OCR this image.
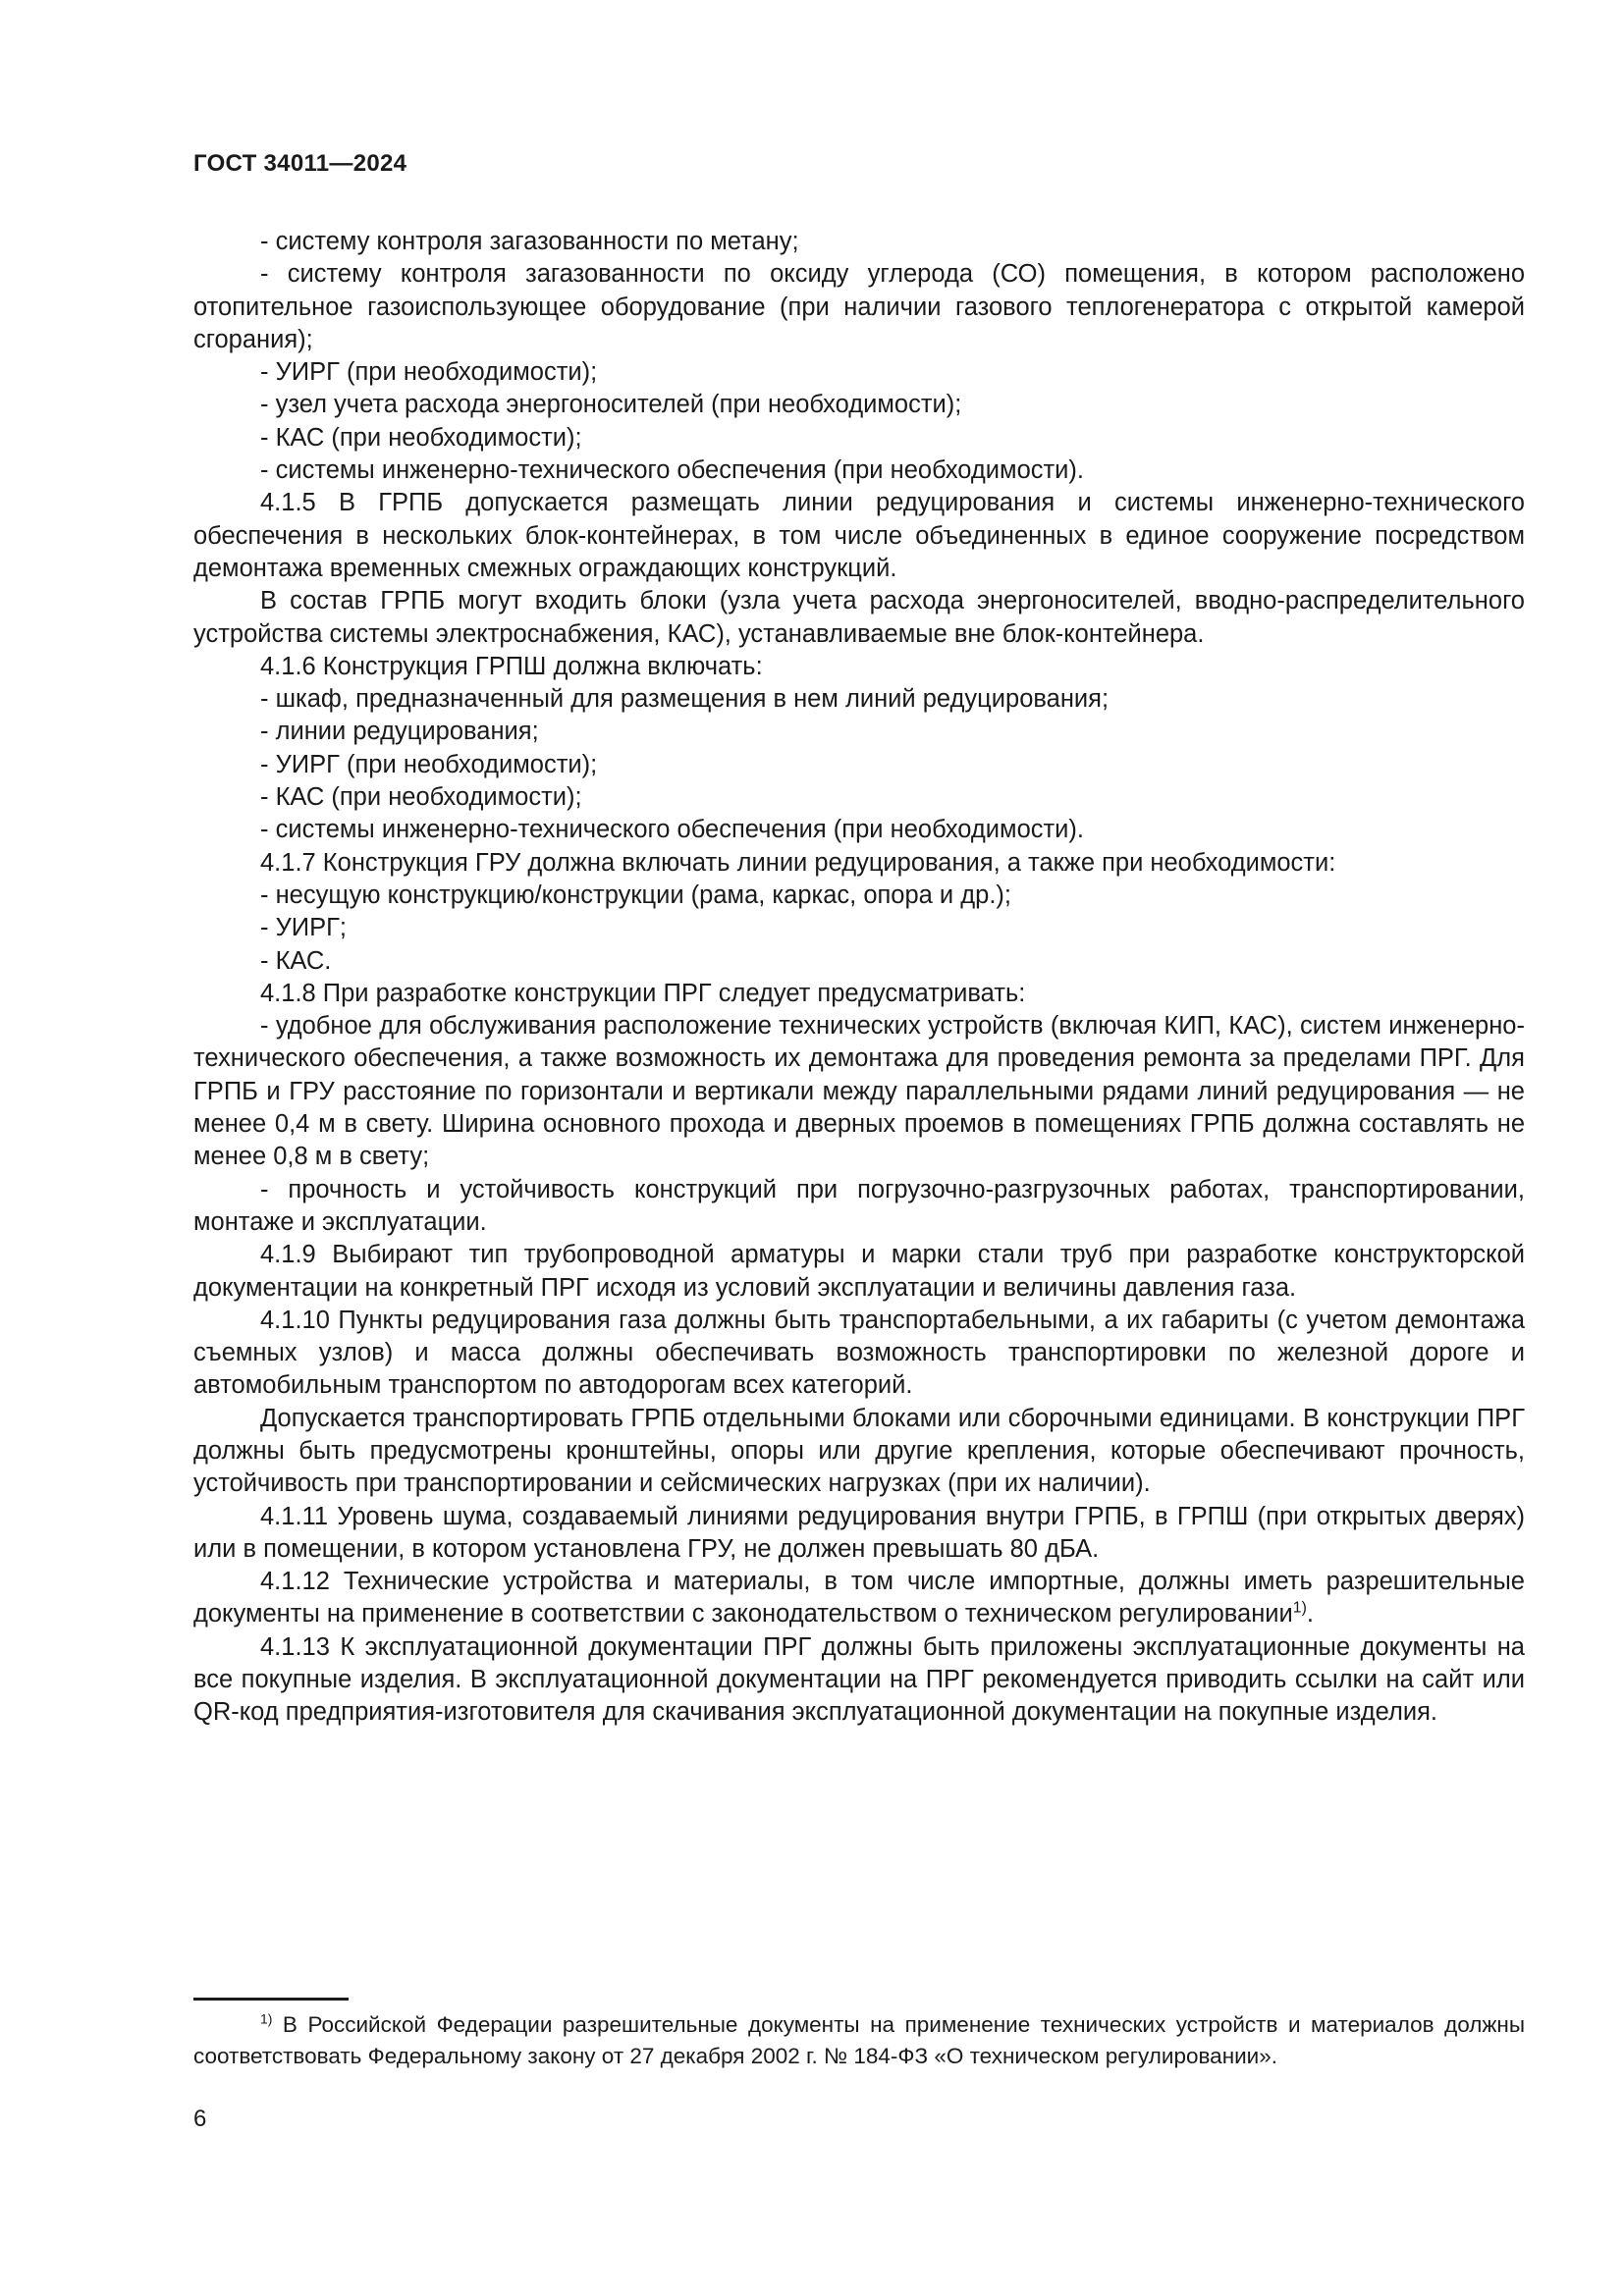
ГОСТ 34011—2024

- систему контроля загазованности по метану;

- систему контроля загазованности по оксиду углерода (СО) помещения, в котором расположено отопительное газоиспользующее оборудование (при наличии газового теплогенератора с открытой камерой сгорания);

- УИРГ (при необходимости);

- узел учета расхода энергоносителей (при необходимости);

- КАС (при необходимости);

- системы инженерно-технического обеспечения (при необходимости).

4.1.5 В ГРПБ допускается размещать линии редуцирования и системы инженерно-технического обеспечения в нескольких блок-контейнерах, в том числе объединенных в единое сооружение посредством демонтажа временных смежных ограждающих конструкций.

В состав ГРПБ могут входить блоки (узла учета расхода энергоносителей, вводно-распределительного устройства системы электроснабжения, КАС), устанавливаемые вне блок-контейнера.

4.1.6 Конструкция ГРПШ должна включать:

- шкаф, предназначенный для размещения в нем линий редуцирования;

- линии редуцирования;

- УИРГ (при необходимости);

- КАС (при необходимости);

- системы инженерно-технического обеспечения (при необходимости).

4.1.7 Конструкция ГРУ должна включать линии редуцирования, а также при необходимости:

- несущую конструкцию/конструкции (рама, каркас, опора и др.);

- УИРГ;

- КАС.

4.1.8 При разработке конструкции ПРГ следует предусматривать:

- удобное для обслуживания расположение технических устройств (включая КИП, КАС), систем инженерно-технического обеспечения, а также возможность их демонтажа для проведения ремонта за пределами ПРГ. Для ГРПБ и ГРУ расстояние по горизонтали и вертикали между параллельными рядами линий редуцирования — не менее 0,4 м в свету. Ширина основного прохода и дверных проемов в помещениях ГРПБ должна составлять не менее 0,8 м в свету;

- прочность и устойчивость конструкций при погрузочно-разгрузочных работах, транспортировании, монтаже и эксплуатации.

4.1.9 Выбирают тип трубопроводной арматуры и марки стали труб при разработке конструкторской документации на конкретный ПРГ исходя из условий эксплуатации и величины давления газа.

4.1.10 Пункты редуцирования газа должны быть транспортабельными, а их габариты (с учетом демонтажа съемных узлов) и масса должны обеспечивать возможность транспортировки по железной дороге и автомобильным транспортом по автодорогам всех категорий.

Допускается транспортировать ГРПБ отдельными блоками или сборочными единицами. В конструкции ПРГ должны быть предусмотрены кронштейны, опоры или другие крепления, которые обеспечивают прочность, устойчивость при транспортировании и сейсмических нагрузках (при их наличии).

4.1.11 Уровень шума, создаваемый линиями редуцирования внутри ГРПБ, в ГРПШ (при открытых дверях) или в помещении, в котором установлена ГРУ, не должен превышать 80 дБА.

4.1.12 Технические устройства и материалы, в том числе импортные, должны иметь разрешительные документы на применение в соответствии с законодательством о техническом регулировании$^{1)}$.

4.1.13 К эксплуатационной документации ПРГ должны быть приложены эксплуатационные документы на все покупные изделия. В эксплуатационной документации на ПРГ рекомендуется приводить ссылки на сайт или QR-код предприятия-изготовителя для скачивания эксплуатационной документации на покупные изделия.

$^{1)}$ В Российской Федерации разрешительные документы на применение технических устройств и материалов должны соответствовать Федеральному закону от 27 декабря 2002 г. № 184-ФЗ «О техническом регулировании».

6
